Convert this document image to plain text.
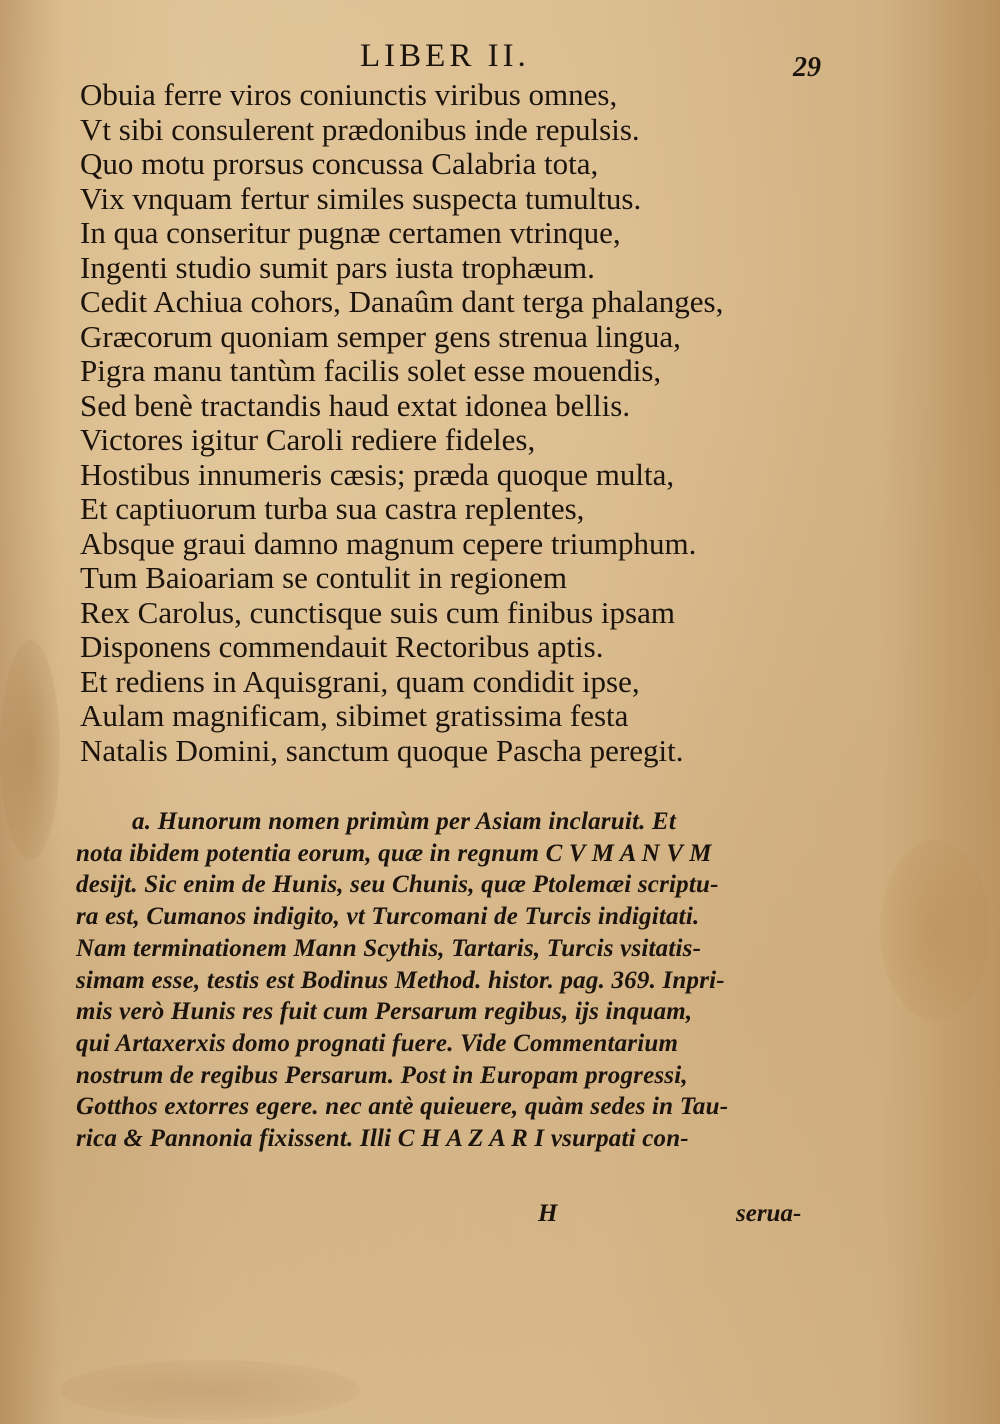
LIBER II.	29
Obuia ferre viros coniunctis viribus omnes,
Vt sibi consulerent prædonibus inde repulsis.
Quo motu prorsus concussa Calabria tota,
Vix vnquam fertur similes suspecta tumultus.
In qua conseritur pugnæ certamen vtrinque,
Ingenti studio sumit pars iusta trophæum.
Cedit Achiua cohors, Danaûm dant terga phalanges,
Græcorum quoniam semper gens strenua lingua,
Pigra manu tantùm facilis solet esse mouendis,
Sed benè tractandis haud extat idonea bellis.
Victores igitur Caroli rediere fideles,
Hostibus innumeris cæsis; præda quoque multa,
Et captiuorum turba sua castra replentes,
Absque graui damno magnum cepere triumphum.
Tum Baioariam se contulit in regionem
Rex Carolus, cunctisque suis cum finibus ipsam
Disponens commendauit Rectoribus aptis.
Et rediens in Aquisgrani, quam condidit ipse,
Aulam magnificam, sibimet gratissima festa
Natalis Domini, sanctum quoque Pascha peregit.
a. Hunorum nomen primùm per Asiam inclaruit. Et
nota ibidem potentia eorum, quæ in regnum C V M A N V M
desijt. Sic enim de Hunis, seu Chunis, quæ Ptolemæi scriptu-
ra est, Cumanos indigito, vt Turcomani de Turcis indigitati.
Nam terminationem Mann Scythis, Tartaris, Turcis vsitatis-
simam esse, testis est Bodinus Method. histor. pag. 369. Inpri-
mis verò Hunis res fuit cum Persarum regibus, ijs inquam,
qui Artaxerxis domo prognati fuere. Vide Commentarium
nostrum de regibus Persarum. Post in Europam progressi,
Gotthos extorres egere. nec antè quieuere, quàm sedes in Tau-
rica & Pannonia fixissent. Illi C H A Z A R I vsurpati con-
H	serua-
